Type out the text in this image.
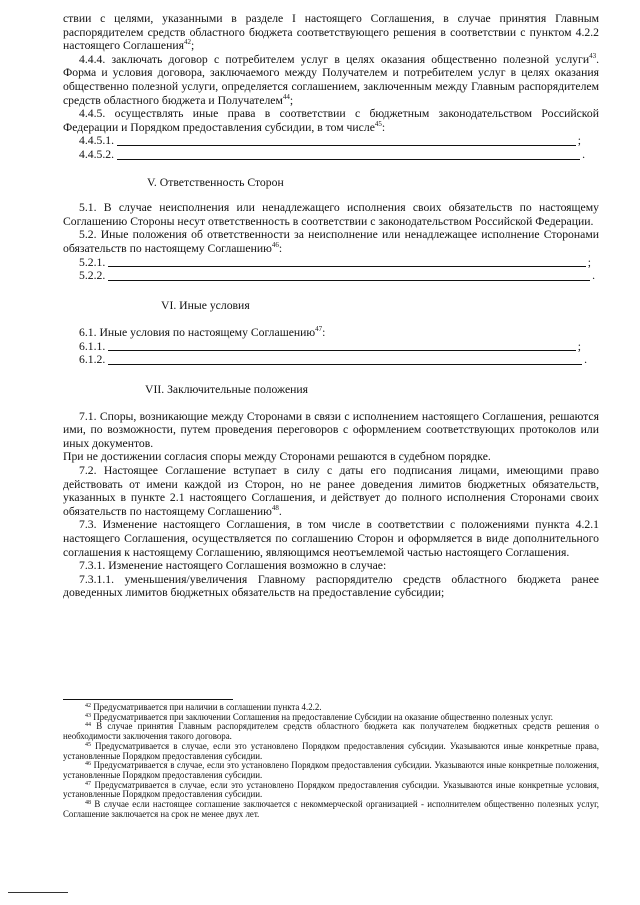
ствии с целями, указанными в разделе I настоящего Соглашения, в случае принятия Главным распорядителем средств областного бюджета соответствующего решения в соответствии с пунктом 4.2.2 настоящего Соглашения$^{42}$;

4.4.4. заключать договор с потребителем услуг в целях оказания общественно полезной услуги$^{43}$. Форма и условия договора, заключаемого между Получателем и потребителем услуг в целях оказания общественно полезной услуги, определяется соглашением, заключенным между Главным распорядителем средств областного бюджета и Получателем$^{44}$;

4.4.5. осуществлять иные права в соответствии с бюджетным законодательством Российской Федерации и Порядком предоставления субсидии, в том числе$^{45}$:

4.4.5.1.	;
4.4.5.2.	.

V. Ответственность Сторон

5.1. В случае неисполнения или ненадлежащего исполнения своих обязательств по настоящему Соглашению Стороны несут ответственность в соответствии с законодательством Российской Федерации.

5.2. Иные положения об ответственности за неисполнение или ненадлежащее исполнение Сторонами обязательств по настоящему Соглашению$^{46}$:

5.2.1.	;
5.2.2.	.

VI. Иные условия

6.1. Иные условия по настоящему Соглашению$^{47}$:

6.1.1.	;
6.1.2.	.

VII. Заключительные положения

7.1. Споры, возникающие между Сторонами в связи с исполнением настоящего Соглашения, решаются ими, по возможности, путем проведения переговоров с оформлением соответствующих протоколов или иных документов.

При не достижении согласия споры между Сторонами решаются в судебном порядке.

7.2. Настоящее Соглашение вступает в силу с даты его подписания лицами, имеющими право действовать от имени каждой из Сторон, но не ранее доведения лимитов бюджетных обязательств, указанных в пункте 2.1 настоящего Соглашения, и действует до полного исполнения Сторонами своих обязательств по настоящему Соглашению$^{48}$.

7.3. Изменение настоящего Соглашения, в том числе в соответствии с положениями пункта 4.2.1 настоящего Соглашения, осуществляется по соглашению Сторон и оформляется в виде дополнительного соглашения к настоящему Соглашению, являющимся неотъемлемой частью настоящего Соглашения.

7.3.1. Изменение настоящего Соглашения возможно в случае:

7.3.1.1. уменьшения/увеличения Главному распорядителю средств областного бюджета ранее доведенных лимитов бюджетных обязательств на предоставление субсидии;

$^{42}$ Предусматривается при наличии в соглашении пункта 4.2.2.

$^{43}$ Предусматривается при заключении Соглашения на предоставление Субсидии на оказание общественно полезных услуг.

$^{44}$ В случае принятия Главным распорядителем средств областного бюджета как получателем бюджетных средств решения о необходимости заключения такого договора.

$^{45}$ Предусматривается в случае, если это установлено Порядком предоставления субсидии. Указываются иные конкретные права, установленные Порядком предоставления субсидии.

$^{46}$ Предусматривается в случае, если это установлено Порядком предоставления субсидии. Указываются иные конкретные положения, установленные Порядком предоставления субсидии.

$^{47}$ Предусматривается в случае, если это установлено Порядком предоставления субсидии. Указываются иные конкретные условия, установленные Порядком предоставления субсидии.

$^{48}$ В случае если настоящее соглашение заключается с некоммерческой организацией - исполнителем общественно полезных услуг, Соглашение заключается на срок не менее двух лет.
